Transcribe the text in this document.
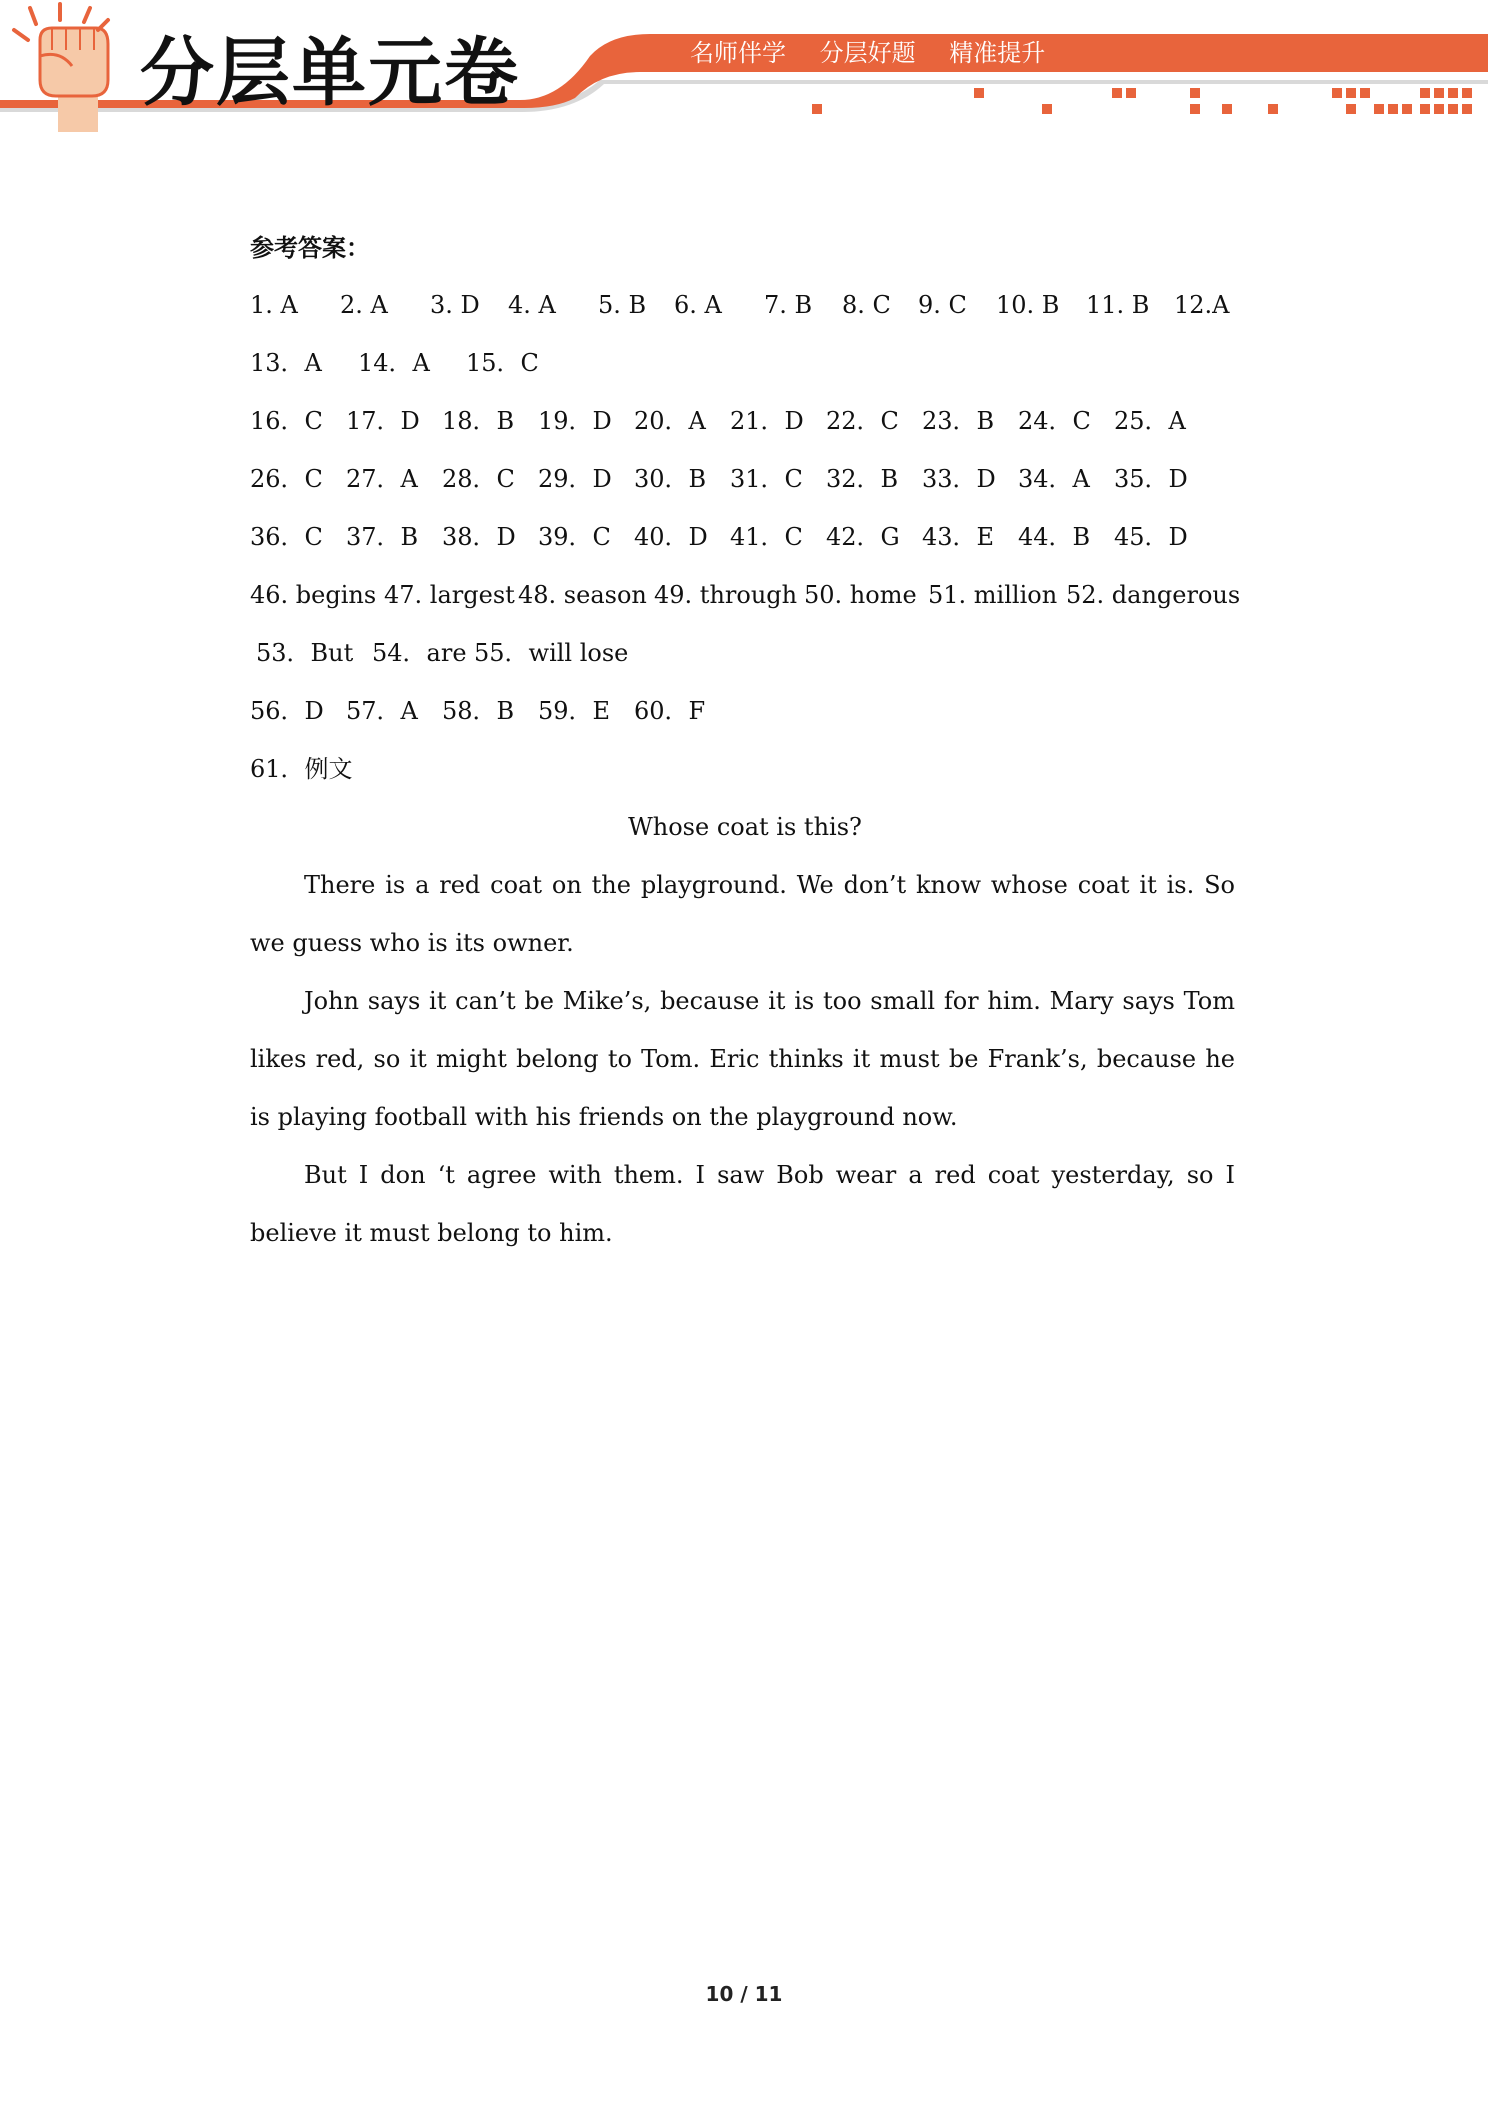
分层单元卷	名师伴学 分层好题 精准提升

参考答案：

1. A 2. A 3. D 4. A 5. B 6. A 7. B 8. C 9. C 10. B 11. B 12.A
13．A 14．A 15．C
16．C 17．D 18．B 19．D 20．A 21．D 22．C 23．B 24．C 25．A
26．C 27．A 28．C 29．D 30．B 31．C 32．B 33．D 34．A 35．D
36．C 37．B 38．D 39．C 40．D 41．C 42．G 43．E 44．B 45．D
46. begins 47. largest 48. season 49. through 50. home 51. million 52. dangerous
53．But 54．are 55．will lose
56．D 57．A 58．B 59．E 60．F
61．例文
Whose coat is this?

There is a red coat on the playground. We don’t know whose coat it is. So we guess who is its owner.

John says it can’t be Mike’s, because it is too small for him. Mary says Tom likes red, so it might belong to Tom. Eric thinks it must be Frank’s, because he is playing football with his friends on the playground now.

But I don ‘t agree with them. I saw Bob wear a red coat yesterday, so I believe it must belong to him.

10 / 11
